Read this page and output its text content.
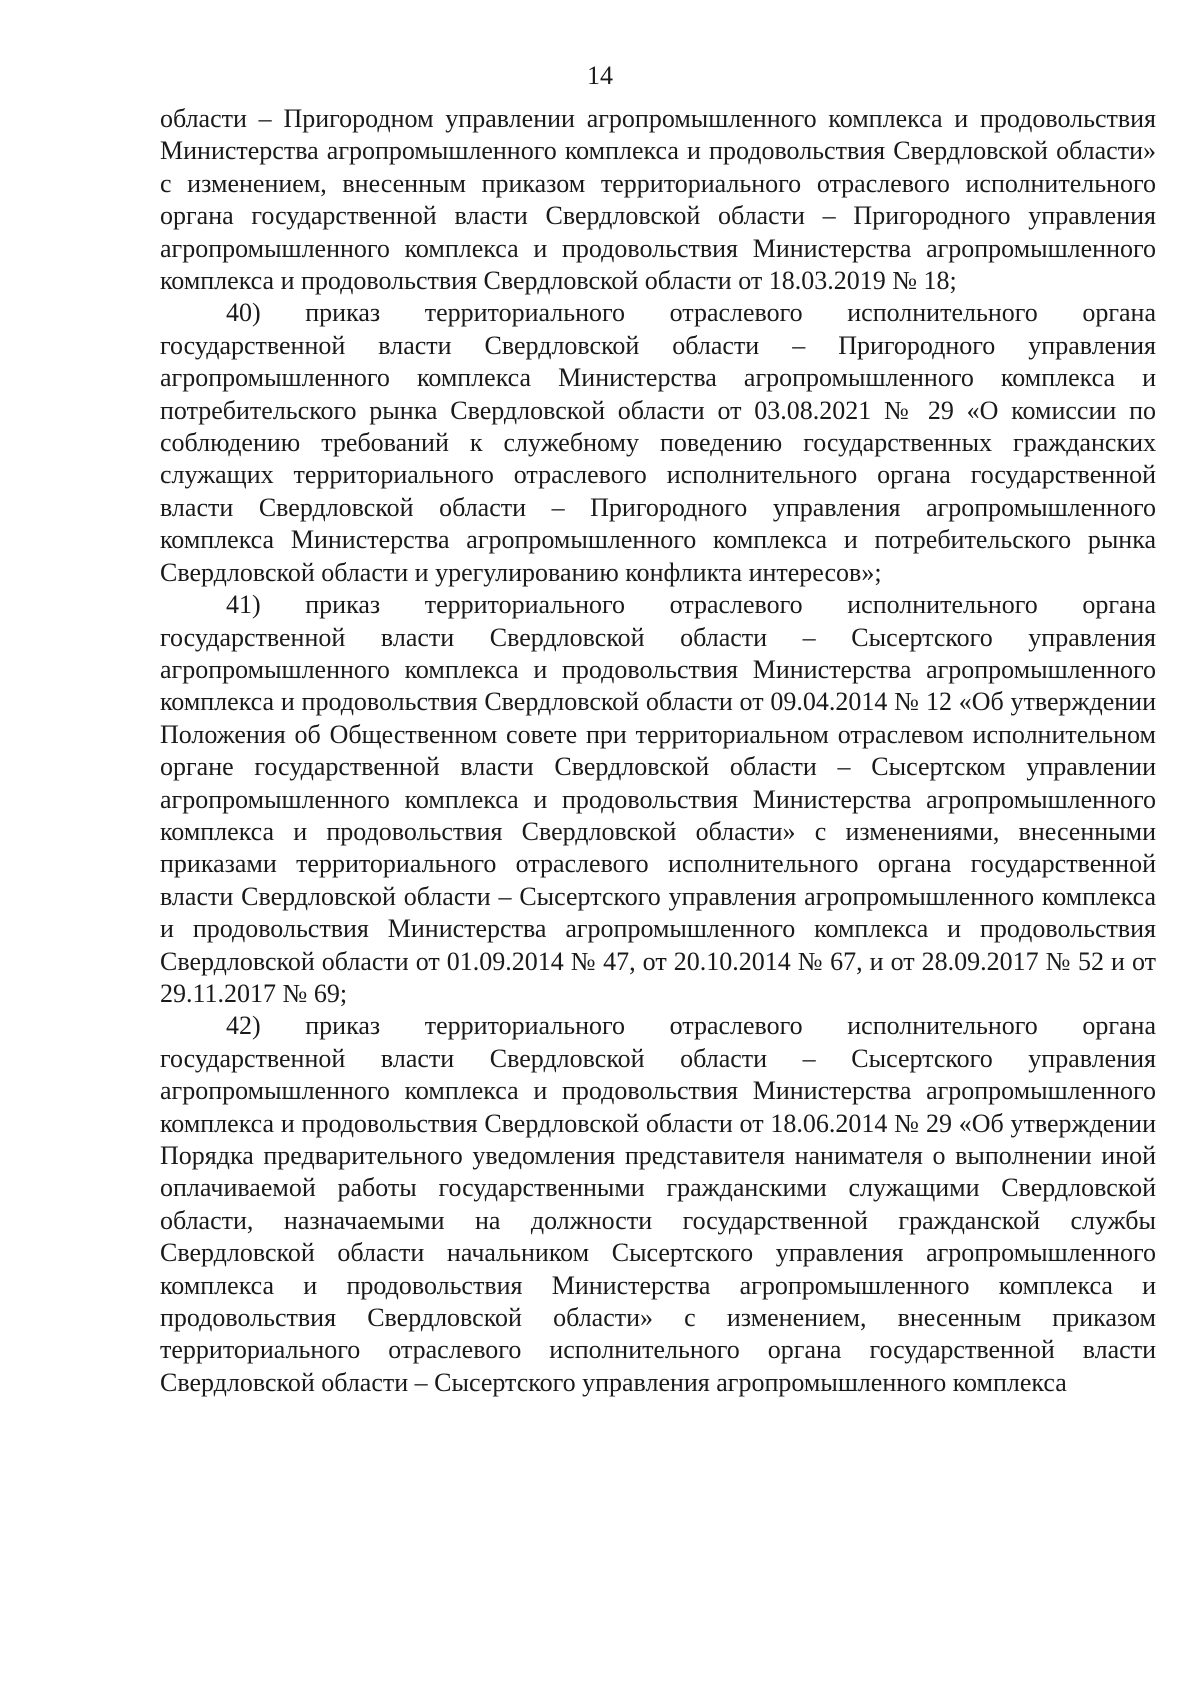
14

области – Пригородном управлении агропромышленного комплекса и продовольствия Министерства агропромышленного комплекса и продовольствия Свердловской области» с изменением, внесенным приказом территориального отраслевого исполнительного органа государственной власти Свердловской области – Пригородного управления агропромышленного комплекса и продовольствия Министерства агропромышленного комплекса и продовольствия Свердловской области от 18.03.2019 № 18;

40) приказ территориального отраслевого исполнительного органа государственной власти Свердловской области – Пригородного управления агропромышленного комплекса Министерства агропромышленного комплекса и потребительского рынка Свердловской области от 03.08.2021 № 29 «О комиссии по соблюдению требований к служебному поведению государственных гражданских служащих территориального отраслевого исполнительного органа государственной власти Свердловской области – Пригородного управления агропромышленного комплекса Министерства агропромышленного комплекса и потребительского рынка Свердловской области и урегулированию конфликта интересов»;

41) приказ территориального отраслевого исполнительного органа государственной власти Свердловской области – Сысертского управления агропромышленного комплекса и продовольствия Министерства агропромышленного комплекса и продовольствия Свердловской области от 09.04.2014 № 12 «Об утверждении Положения об Общественном совете при территориальном отраслевом исполнительном органе государственной власти Свердловской области – Сысертском управлении агропромышленного комплекса и продовольствия Министерства агропромышленного комплекса и продовольствия Свердловской области» с изменениями, внесенными приказами территориального отраслевого исполнительного органа государственной власти Свердловской области – Сысертского управления агропромышленного комплекса и продовольствия Министерства агропромышленного комплекса и продовольствия Свердловской области от 01.09.2014 № 47, от 20.10.2014 № 67, и от 28.09.2017 № 52 и от 29.11.2017 № 69;

42) приказ территориального отраслевого исполнительного органа государственной власти Свердловской области – Сысертского управления агропромышленного комплекса и продовольствия Министерства агропромышленного комплекса и продовольствия Свердловской области от 18.06.2014 № 29 «Об утверждении Порядка предварительного уведомления представителя нанимателя о выполнении иной оплачиваемой работы государственными гражданскими служащими Свердловской области, назначаемыми на должности государственной гражданской службы Свердловской области начальником Сысертского управления агропромышленного комплекса и продовольствия Министерства агропромышленного комплекса и продовольствия Свердловской области» с изменением, внесенным приказом территориального отраслевого исполнительного органа государственной власти Свердловской области – Сысертского управления агропромышленного комплекса
